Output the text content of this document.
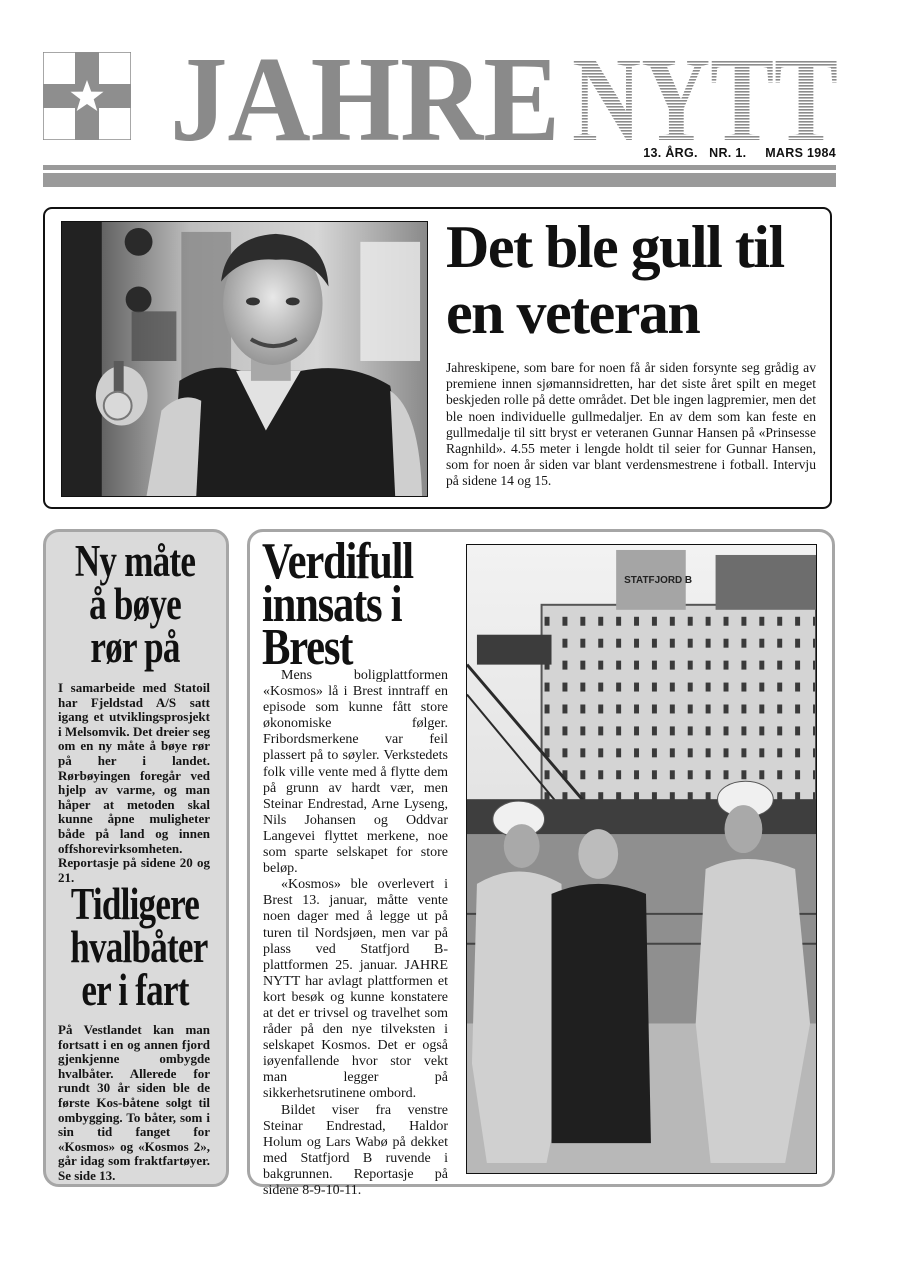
JAHRE NYTT
13. ÅRG.   NR. 1.     MARS 1984
Det ble gull til en veteran

Jahreskipene, som bare for noen få år siden forsynte seg grådig av premiene innen sjømannsidretten, har det siste året spilt en meget beskjeden rolle på dette området. Det ble ingen lagpremier, men det ble noen individuelle gullmedaljer. En av dem som kan feste en gullmedalje til sitt bryst er veteranen Gunnar Hansen på «Prinsesse Ragnhild». 4.55 meter i lengde holdt til seier for Gunnar Hansen, som for noen år siden var blant verdensmestrene i fotball. Intervju på sidene 14 og 15.

Ny måte å bøye rør på

I samarbeide med Statoil har Fjeldstad A/S satt igang et utviklingsprosjekt i Melsomvik. Det dreier seg om en ny måte å bøye rør på her i landet. Rørbøyingen foregår ved hjelp av varme, og man håper at metoden skal kunne åpne muligheter både på land og innen offshorevirksomheten. Reportasje på sidene 20 og 21.

Tidligere hvalbåter er i fart

På Vestlandet kan man fortsatt i en og annen fjord gjenkjenne ombygde hvalbåter. Allerede for rundt 30 år siden ble de første Kos-båtene solgt til ombygging. To båter, som i sin tid fanget for «Kosmos» og «Kosmos 2», går idag som fraktfartøyer. Se side 13.

Verdifull innsats i Brest

Mens boligplattformen «Kosmos» lå i Brest inntraff en episode som kunne fått store økonomiske følger. Fribordsmerkene var feil plassert på to søyler. Verkstedets folk ville vente med å flytte dem på grunn av hardt vær, men Steinar Endrestad, Arne Lyseng, Nils Johansen og Oddvar Langevei flyttet merkene, noe som sparte selskapet for store beløp.

«Kosmos» ble overlevert i Brest 13. januar, måtte vente noen dager med å legge ut på turen til Nordsjøen, men var på plass ved Statfjord B-plattformen 25. januar. JAHRE NYTT har avlagt plattformen et kort besøk og kunne konstatere at det er trivsel og travelhet som råder på den nye tilveksten i selskapet Kosmos. Det er også iøyenfallende hvor stor vekt man legger på sikkerhetsrutinene ombord.

Bildet viser fra venstre Steinar Endrestad, Haldor Holum og Lars Wabø på dekket med Statfjord B ruvende i bakgrunnen. Reportasje på sidene 8-9-10-11.

STATFJORD B
